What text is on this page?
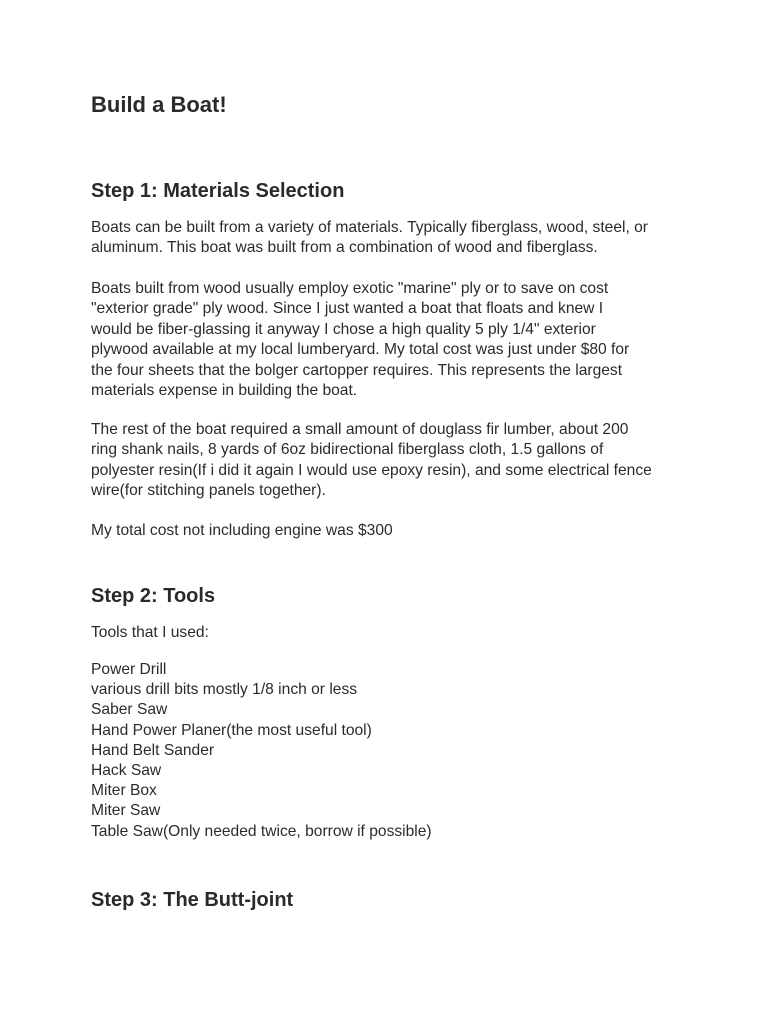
Build a Boat!
Step 1: Materials Selection

Boats can be built from a variety of materials. Typically fiberglass, wood, steel, or
aluminum. This boat was built from a combination of wood and fiberglass.

Boats built from wood usually employ exotic "marine" ply or to save on cost
"exterior grade" ply wood. Since I just wanted a boat that floats and knew I
would be fiber-glassing it anyway I chose a high quality 5 ply 1/4" exterior
plywood available at my local lumberyard. My total cost was just under $80 for
the four sheets that the bolger cartopper requires. This represents the largest
materials expense in building the boat.

The rest of the boat required a small amount of douglass fir lumber, about 200
ring shank nails, 8 yards of 6oz bidirectional fiberglass cloth, 1.5 gallons of
polyester resin(If i did it again I would use epoxy resin), and some electrical fence
wire(for stitching panels together).

My total cost not including engine was $300

Step 2: Tools

Tools that I used:

Power Drill
various drill bits mostly 1/8 inch or less
Saber Saw
Hand Power Planer(the most useful tool)
Hand Belt Sander
Hack Saw
Miter Box
Miter Saw
Table Saw(Only needed twice, borrow if possible)
Step 3: The Butt-joint
